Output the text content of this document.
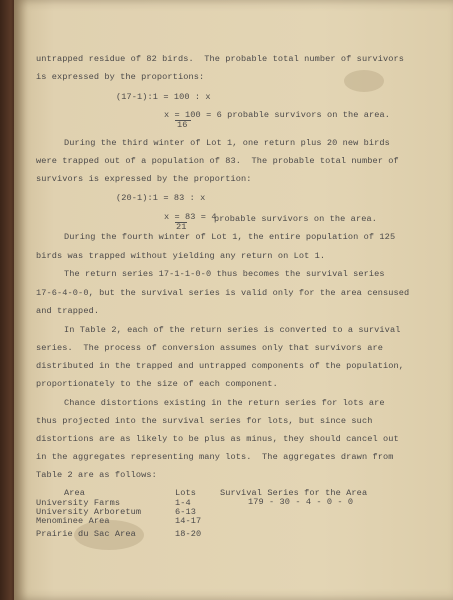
untrapped residue of 82 birds.  The probable total number of survivors
is expressed by the proportions:
(17-1):1 = 100 : x
x = 100 = 6 probable survivors on the area.
16
During the third winter of Lot 1, one return plus 20 new birds
were trapped out of a population of 83.  The probable total number of
survivors is expressed by the proportion:
(20-1):1 = 83 : x
x = 83 = 4
21
probable survivors on the area.
During the fourth winter of Lot 1, the entire population of 125
birds was trapped without yielding any return on Lot 1.
The return series 17-1-1-0-0 thus becomes the survival series
17-6-4-0-0, but the survival series is valid only for the area censused
and trapped.
In Table 2, each of the return series is converted to a survival
series.  The process of conversion assumes only that survivors are
distributed in the trapped and untrapped components of the population,
proportionately to the size of each component.
Chance distortions existing in the return series for lots are
thus projected into the survival series for lots, but since such
distortions are as likely to be plus as minus, they should cancel out
in the aggregates representing many lots.  The aggregates drawn from
Table 2 are as follows:
Area	Lots	Survival Series for the Area
University Farms	1-4	179 - 30 - 4 - 0 - 0
University Arboretum	6-13
Menominee Area	14-17
Prairie du Sac Area	18-20
